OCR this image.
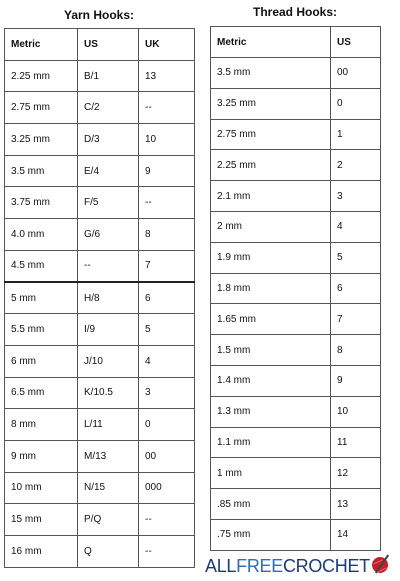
Yarn Hooks:
Metric	US	UK
2.25 mm	B/1	13
2.75 mm	C/2	--
3.25 mm	D/3	10
3.5 mm	E/4	9
3.75 mm	F/5	--
4.0 mm	G/6	8
4.5 mm	--	7
5 mm	H/8	6
5.5 mm	I/9	5
6 mm	J/10	4
6.5 mm	K/10.5	3
8 mm	L/11	0
9 mm	M/13	00
10 mm	N/15	000
15 mm	P/Q	--
16 mm	Q	--
Thread Hooks:
Metric	US
3.5 mm	00
3.25 mm	0
2.75 mm	1
2.25 mm	2
2.1 mm	3
2 mm	4
1.9 mm	5
1.8 mm	6
1.65 mm	7
1.5 mm	8
1.4 mm	9
1.3 mm	10
1.1 mm	11
1 mm	12
.85 mm	13
.75 mm	14
ALLFREECROCHET
